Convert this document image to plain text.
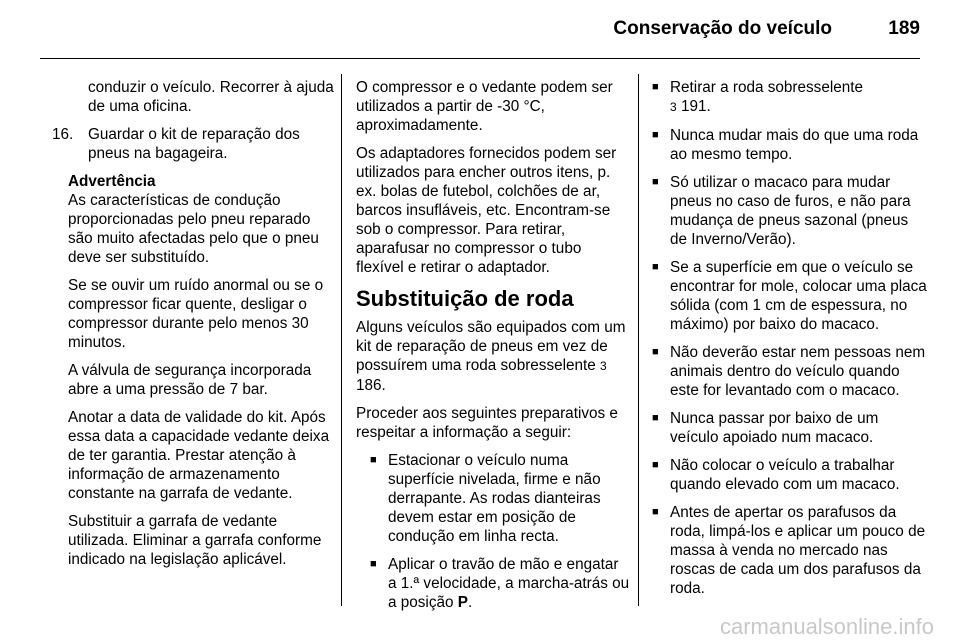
Conservação do veículo	189

conduzir o veículo. Recorrer à ajuda de uma oficina.

16. Guardar o kit de reparação dos pneus na bagageira.
Advertência

As características de condução proporcionadas pelo pneu reparado são muito afectadas pelo que o pneu deve ser substituído.

Se se ouvir um ruído anormal ou se o compressor ficar quente, desligar o compressor durante pelo menos 30 minutos.

A válvula de segurança incorporada abre a uma pressão de 7 bar.

Anotar a data de validade do kit. Após essa data a capacidade vedante deixa de ter garantia. Prestar atenção à informação de armazenamento constante na garrafa de vedante.

Substituir a garrafa de vedante utilizada. Eliminar a garrafa conforme indicado na legislação aplicável.

O compressor e o vedante podem ser utilizados a partir de -30 °C, aproximadamente.

Os adaptadores fornecidos podem ser utilizados para encher outros itens, p. ex. bolas de futebol, colchões de ar, barcos insufláveis, etc. Encontram-se sob o compressor. Para retirar, aparafusar no compressor o tubo flexível e retirar o adaptador.

Substituição de roda

Alguns veículos são equipados com um kit de reparação de pneus em vez de possuírem uma roda sobresselente 3 186.

Proceder aos seguintes preparativos e respeitar a informação a seguir:

■ Estacionar o veículo numa superfície nivelada, firme e não derrapante. As rodas dianteiras devem estar em posição de condução em linha recta.
■ Aplicar o travão de mão e engatar a 1.ª velocidade, a marcha-atrás ou a posição P.
■ Retirar a roda sobresselente
3 191.
■ Nunca mudar mais do que uma roda ao mesmo tempo.
■ Só utilizar o macaco para mudar pneus no caso de furos, e não para mudança de pneus sazonal (pneus de Inverno/Verão).
■ Se a superfície em que o veículo se encontrar for mole, colocar uma placa sólida (com 1 cm de espessura, no máximo) por baixo do macaco.
■ Não deverão estar nem pessoas nem animais dentro do veículo quando este for levantado com o macaco.
■ Nunca passar por baixo de um veículo apoiado num macaco.
■ Não colocar o veículo a trabalhar quando elevado com um macaco.
■ Antes de apertar os parafusos da roda, limpá-los e aplicar um pouco de massa à venda no mercado nas roscas de cada um dos parafusos da roda.
carmanualsonline.info
